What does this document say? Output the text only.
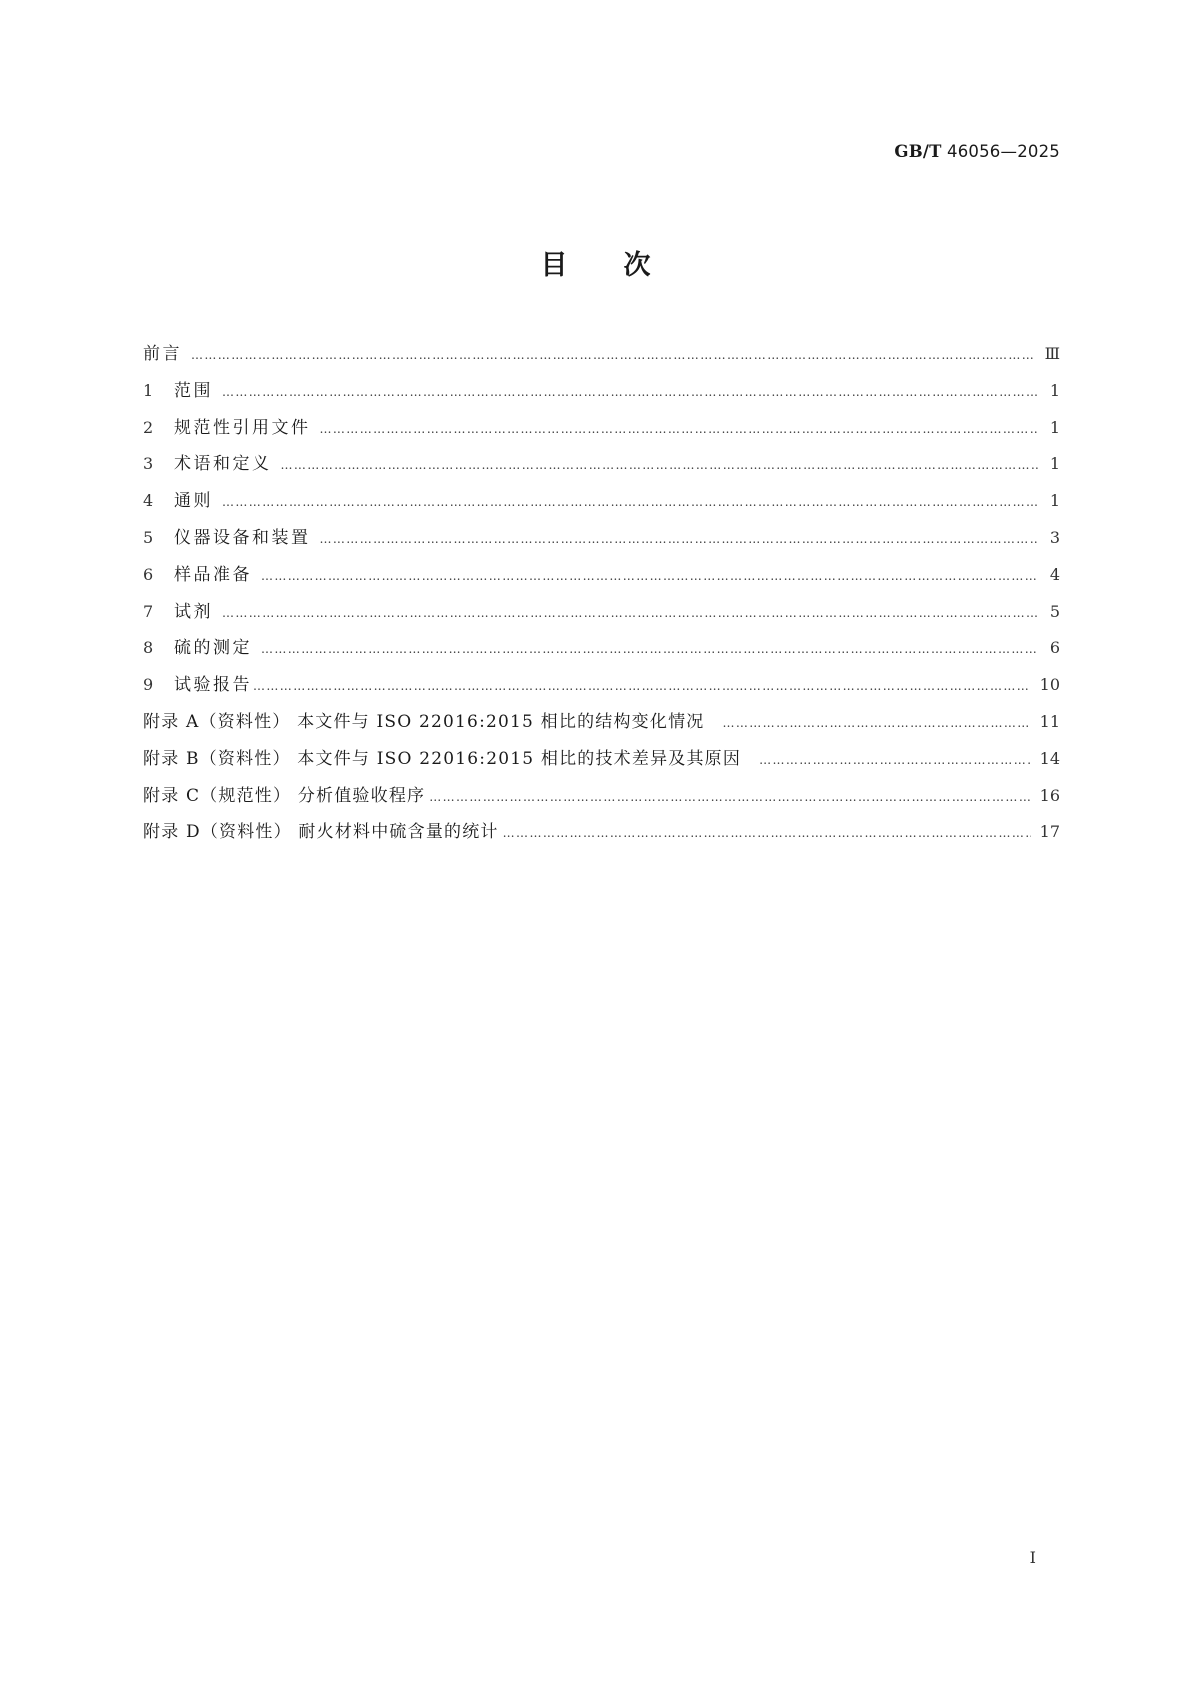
GB/T 46056—2025
目次
前言 ……………………………………………………………………………………………………………………………………………………………………………………………………	Ⅲ
1	范围 ……………………………………………………………………………………………………………………………………………………………………………………………………	1
2	规范性引用文件 ……………………………………………………………………………………………………………………………………………………………………………………………………	1
3	术语和定义 ……………………………………………………………………………………………………………………………………………………………………………………………………	1
4	通则 ……………………………………………………………………………………………………………………………………………………………………………………………………	1
5	仪器设备和装置 ……………………………………………………………………………………………………………………………………………………………………………………………………	3
6	样品准备 ……………………………………………………………………………………………………………………………………………………………………………………………………	4
7	试剂 ……………………………………………………………………………………………………………………………………………………………………………………………………	5
8	硫的测定 ……………………………………………………………………………………………………………………………………………………………………………………………………	6
9	试验报告 ……………………………………………………………………………………………………………………………………………………………………………………………………	10
附录 A（资料性） 本文件与 ISO 22016:2015 相比的结构变化情况 ……………………………………………………………………………………………………………………………………………………………………………………………………	11
附录 B（资料性） 本文件与 ISO 22016:2015 相比的技术差异及其原因 ……………………………………………………………………………………………………………………………………………………………………………………………………	14
附录 C（规范性） 分析值验收程序 ……………………………………………………………………………………………………………………………………………………………………………………………………	16
附录 D（资料性） 耐火材料中硫含量的统计 ……………………………………………………………………………………………………………………………………………………………………………………………………	17
Ⅰ
